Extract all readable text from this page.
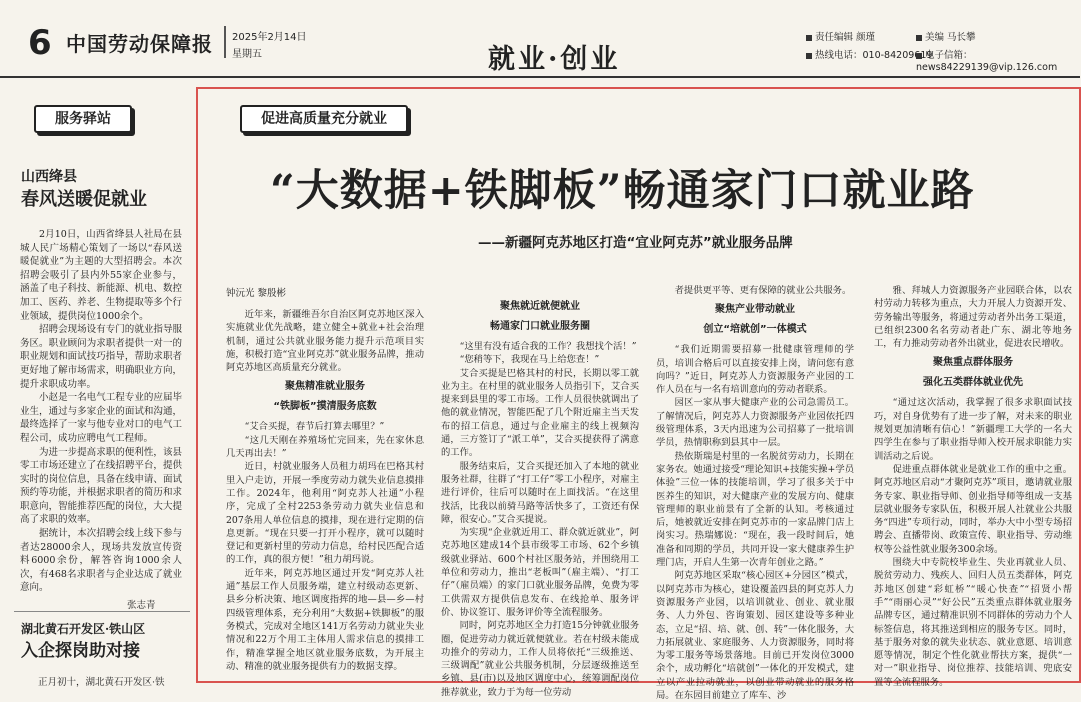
6 中国劳动保障报 2025年2月14日
星期五	就业·创业
责任编辑 颜瑾
热线电话：010-84209619
美编 马长攀
电子信箱：news84229139@vip.126.com
服务驿站
山西绛县
春风送暖促就业

2月10日，山西省绛县人社局在县城人民广场精心策划了一场以“春风送暖促就业”为主题的大型招聘会。本次招聘会吸引了县内外55家企业参与，涵盖了电子科技、新能源、机电、数控加工、医药、养老、生物提取等多个行业领域，提供岗位1000余个。

招聘会现场设有专门的就业指导服务区。职业顾问为求职者提供一对一的职业规划和面试技巧指导，帮助求职者更好地了解市场需求，明确职业方向，提升求职成功率。

小赵是一名电气工程专业的应届毕业生，通过与多家企业的面试和沟通，最终选择了一家与他专业对口的电气工程公司，成功应聘电气工程师。

为进一步提高求职的便利性，该县零工市场还建立了在线招聘平台，提供实时的岗位信息，具备在线申请、面试预约等功能，并根据求职者的简历和求职意向，智能推荐匹配的岗位，大大提高了求职的效率。

据统计，本次招聘会线上线下参与者达28000余人，现场共发放宣传资料6000余份，解答咨询1000余人次，有468名求职者与企业达成了就业意向。

张志青
湖北黄石开发区·铁山区
入企探岗助对接
正月初十，湖北黄石开发区·铁
促进高质量充分就业
“大数据+铁脚板”畅通家门口就业路
——新疆阿克苏地区打造“宜业阿克苏”就业服务品牌
钟沅光 黎殷彬

近年来，新疆维吾尔自治区阿克苏地区深入实施就业优先战略，建立健全+就业+社会治理机制，通过公共就业服务能力提升示范项目实施，积极打造“宜业阿克苏”就业服务品牌，推动阿克苏地区高质量充分就业。

聚焦精准就业服务
“铁脚板”摸清服务底数

“艾合买提，春节后打算去哪里？”

“这几天刚在养殖场忙完回来，先在家休息几天再出去！”

近日，村就业服务人员租力胡玛在巴格其村里入户走访，开展一季度劳动力就失业信息摸排工作。2024年，他利用“阿克苏人社通”小程序，完成了全村2253条劳动力就失业信息和207条用人单位信息的摸排，现在进行定期的信息更新。“现在只要一打开小程序，就可以随时登记和更新村里的劳动力信息，给村民匹配合适的工作，真的很方便！”租力胡玛说。

近年来，阿克苏地区通过开发“阿克苏人社通”基层工作人员服务端，建立村级动态更新、县乡分析决策、地区调度指挥的地—县—乡—村四级管理体系，充分利用“大数据+铁脚板”的服务模式，完成对全地区141万名劳动力就业失业情况和22万个用工主体用人需求信息的摸排工作，精准掌握全地区就业服务底数，为开展主动、精准的就业服务提供有力的数据支撑。

聚焦就近就便就业
畅通家门口就业服务圈

“这里有没有适合我的工作？我想找个活！”

“您稍等下，我现在马上给您查！”

艾合买提是巴格其村的村民，长期以零工就业为主。在村里的就业服务人员指引下，艾合买提来到县里的零工市场。工作人员很快就调出了他的就业情况，智能匹配了几个附近雇主当天发布的招工信息，通过与企业雇主的线上视频沟通，三方签订了“派工单”，艾合买提获得了满意的工作。

服务结束后，艾合买提还加入了本地的就业服务社群，往群了“打工仔”零工小程序，对雇主进行评价，往后可以随时在上面找活。“在这里找活，比我以前骑马路等活快多了，工资还有保障，很安心。”艾合买提说。

为实现“企业就近用工、群众就近就业”，阿克苏地区建成14个县市级零工市场、62个乡镇级就业驿站、600个村社区服务站，并围绕用工单位和劳动力，推出“老板叫”（雇主端）、“打工仔”（雇员端）的家门口就业服务品牌，免费为零工供需双方提供信息发布、在线抢单、服务评价、协议签订、服务评价等全流程服务。

同时，阿克苏地区全力打造15分钟就业服务圈，促进劳动力就近就便就业。若在村级未能成功推介的劳动力，工作人员将依托“三级推送、三级调配”就业公共服务机制，分层逐级推送至乡镇、县(市)以及地区调度中心，统筹调配岗位推荐就业，致力于为每一位劳动

者提供更平等、更有保障的就业公共服务。

聚焦产业带动就业
创立“培就创”一体模式

“我们近期需要招募一批健康管理师的学员，培训合格后可以直接安排上岗，请问您有意向吗？”近日，阿克苏人力资源服务产业园的工作人员在与一名有培训意向的劳动者联系。

园区一家从事大健康产业的公司急需员工。了解情况后，阿克苏人力资源服务产业园依托四级管理体系，3天内迅速为公司招募了一批培训学员，热情职称到县其中一层。

热依斯瑞是村里的一名脱贫劳动力，长期在家务农。她通过接受“理论知识+技能实操+学员体验”三位一体的技能培训，学习了很多关于中医养生的知识，对大健康产业的发展方向、健康管理师的职业前景有了全新的认知。考核通过后，她被就近安排在阿克苏市的一家品牌门店上岗实习。热瑞娜说：“现在，我一段时间后，她准备和同期的学员，共同开设一家大健康养生护理门店，开启人生第一次青年创业之路。”

阿克苏地区采取“核心园区+分园区”模式，以阿克苏市为核心，建设覆盖四县的阿克苏人力资源服务产业园，以培训就业、创业、就业服务、人力外包、咨询策划、园区建设等多种业态，立足“招、培、就、创、转”一体化服务，大力拓展就业、家庭服务、人力资源服务，同时将为零工服务等场景落地。目前已开发岗位3000余个，成功孵化“培就创”一体化的开发模式，建立以产业拉动就业，以创业带动就业的服务格局。在东园目前建立了库车、沙

雅、拜城人力资源服务产业园联合体，以农村劳动力转移为重点，大力开展人力资源开发、劳务输出等服务，将通过劳动者外出务工渠道，已组织2300名名劳动者赴广东、湖北等地务工，有力推动劳动者外出就业，促进农民增收。

聚焦重点群体服务
强化五类群体就业优先

“通过这次活动，我掌握了很多求职面试技巧，对自身优势有了进一步了解，对未来的职业规划更加清晰有信心！”新疆理工大学的一名大四学生在参与了职业指导师入校开展求职能力实训活动之后说。

促进重点群体就业是就业工作的重中之重。阿克苏地区启动“才聚阿克苏”项目，邀请就业服务专家、职业指导师、创业指导师等组成一支基层就业服务专家队伍，积极开展人社就业公共服务“四进”专项行动，同时，举办大中小型专场招聘会、直播带岗、政策宣传、职业指导、劳动维权等公益性就业服务300余场。

围绕大中专院校毕业生、失业再就业人员、脱贫劳动力、残疾人、回归人员五类群体，阿克苏地区创建“彩虹桥”“暖心快查”“招贤小帮手”“雨丽心灵”“好公民”五类重点群体就业服务品牌专区，通过精准识别不同群体的劳动力个人标签信息，将其推送到相应的服务专区。同时，基于服务对象的就失业状态、就业意愿、培训意愿等情况，制定个性化就业帮扶方案，提供“一对一”职业指导、岗位推荐、技能培训、兜底安置等全流程服务。
